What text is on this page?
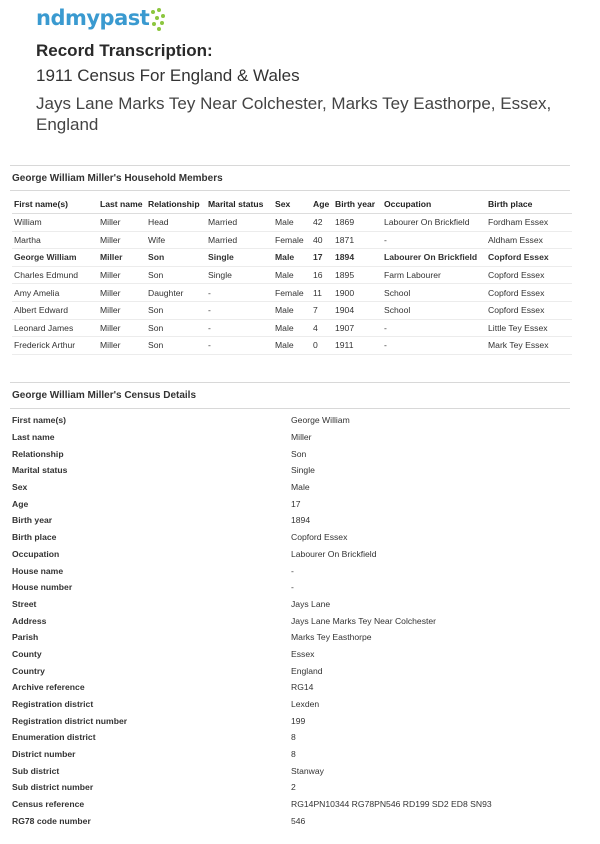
ndmypast
Record Transcription:
1911 Census For England & Wales
Jays Lane Marks Tey Near Colchester, Marks Tey Easthorpe, Essex, England
George William Miller's Household Members
First name(s)	Last name	Relationship	Marital status	Sex	Age	Birth year	Occupation	Birth place
William	Miller	Head	Married	Male	42	1869	Labourer On Brickfield	Fordham Essex
Martha	Miller	Wife	Married	Female	40	1871	-	Aldham Essex
George William	Miller	Son	Single	Male	17	1894	Labourer On Brickfield	Copford Essex
Charles Edmund	Miller	Son	Single	Male	16	1895	Farm Labourer	Copford Essex
Amy Amelia	Miller	Daughter	-	Female	11	1900	School	Copford Essex
Albert Edward	Miller	Son	-	Male	7	1904	School	Copford Essex
Leonard James	Miller	Son	-	Male	4	1907	-	Little Tey Essex
Frederick Arthur	Miller	Son	-	Male	0	1911	-	Mark Tey Essex
George William Miller's Census Details
First name(s)	George William
Last name	Miller
Relationship	Son
Marital status	Single
Sex	Male
Age	17
Birth year	1894
Birth place	Copford Essex
Occupation	Labourer On Brickfield
House name	-
House number	-
Street	Jays Lane
Address	Jays Lane Marks Tey Near Colchester
Parish	Marks Tey Easthorpe
County	Essex
Country	England
Archive reference	RG14
Registration district	Lexden
Registration district number	199
Enumeration district	8
District number	8
Sub district	Stanway
Sub district number	2
Census reference	RG14PN10344 RG78PN546 RD199 SD2 ED8 SN93
RG78 code number	546
